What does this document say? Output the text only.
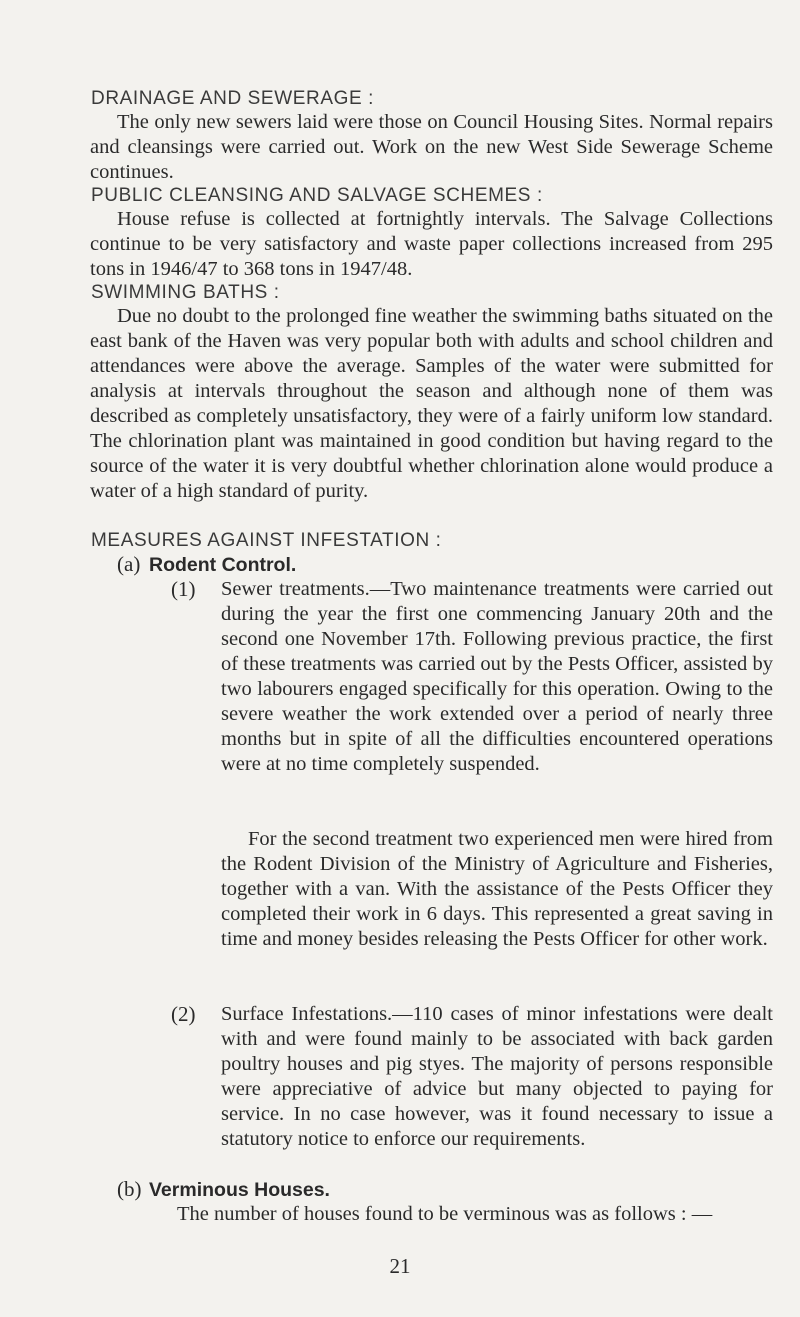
DRAINAGE AND SEWERAGE :
The only new sewers laid were those on Council Housing Sites. Normal repairs and cleansings were carried out. Work on the new West Side Sewerage Scheme continues.
PUBLIC CLEANSING AND SALVAGE SCHEMES :
House refuse is collected at fortnightly intervals. The Salvage Collections continue to be very satisfactory and waste paper collections increased from 295 tons in 1946/47 to 368 tons in 1947/48.
SWIMMING BATHS :
Due no doubt to the prolonged fine weather the swimming baths situated on the east bank of the Haven was very popular both with adults and school children and attendances were above the average. Samples of the water were submitted for analysis at intervals throughout the season and although none of them was described as completely unsatisfactory, they were of a fairly uniform low standard. The chlorination plant was maintained in good condition but having regard to the source of the water it is very doubtful whether chlorination alone would produce a water of a high standard of purity.
MEASURES AGAINST INFESTATION :
(a) Rodent Control.
(1) Sewer treatments.—Two maintenance treatments were carried out during the year the first one commencing January 20th and the second one November 17th. Following previous practice, the first of these treatments was carried out by the Pests Officer, assisted by two labourers engaged specifically for this operation. Owing to the severe weather the work extended over a period of nearly three months but in spite of all the difficulties encountered operations were at no time completely suspended.
For the second treatment two experienced men were hired from the Rodent Division of the Ministry of Agriculture and Fisheries, together with a van. With the assistance of the Pests Officer they completed their work in 6 days. This represented a great saving in time and money besides releasing the Pests Officer for other work.
(2) Surface Infestations.—110 cases of minor infestations were dealt with and were found mainly to be associated with back garden poultry houses and pig styes. The majority of persons responsible were appreciative of advice but many objected to paying for service. In no case however, was it found necessary to issue a statutory notice to enforce our requirements.
(b) Verminous Houses.
The number of houses found to be verminous was as follows : —
21
